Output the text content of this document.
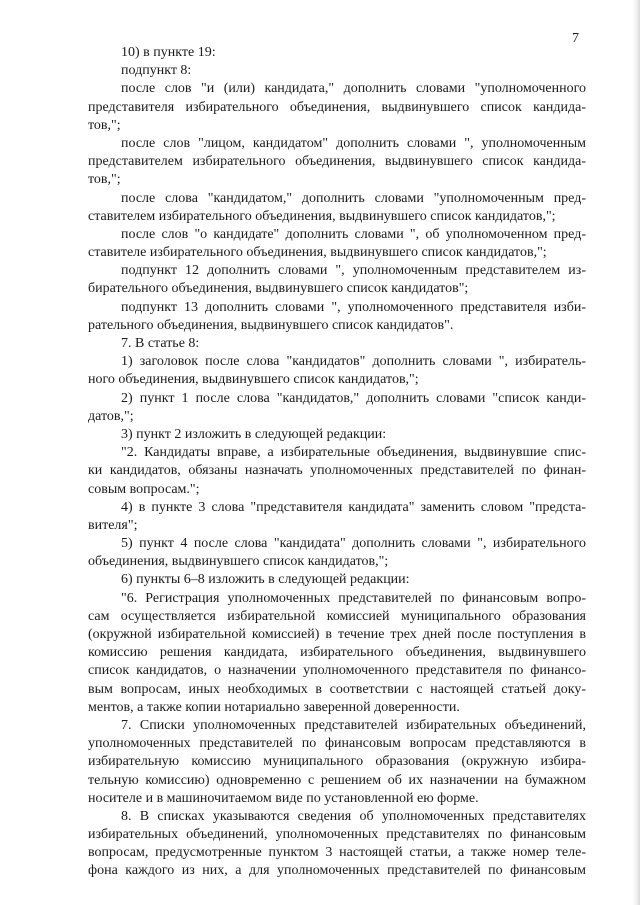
7
10) в пункте 19:
подпункт 8:
после слов "и (или) кандидата," дополнить словами "уполномоченного
представителя избирательного объединения, выдвинувшего список кандида-
тов,";
после слов "лицом, кандидатом" дополнить словами ", уполномоченным
представителем избирательного объединения, выдвинувшего список кандида-
тов,";
после слова "кандидатом," дополнить словами "уполномоченным пред-
ставителем избирательного объединения, выдвинувшего список кандидатов,";
после слов "о кандидате" дополнить словами ", об уполномоченном пред-
ставителе избирательного объединения, выдвинувшего список кандидатов,";
подпункт 12 дополнить словами ", уполномоченным представителем из-
бирательного объединения, выдвинувшего список кандидатов";
подпункт 13 дополнить словами ", уполномоченного представителя изби-
рательного объединения, выдвинувшего список кандидатов".
7. В статье 8:
1) заголовок после слова "кандидатов" дополнить словами ", избиратель-
ного объединения, выдвинувшего список кандидатов,";
2) пункт 1 после слова "кандидатов," дополнить словами "список канди-
датов,";
3) пункт 2 изложить в следующей редакции:
"2. Кандидаты вправе, а избирательные объединения, выдвинувшие спис-
ки кандидатов, обязаны назначать уполномоченных представителей по финан-
совым вопросам.";
4) в пункте 3 слова "представителя кандидата" заменить словом "предста-
вителя";
5) пункт 4 после слова "кандидата" дополнить словами ", избирательного
объединения, выдвинувшего список кандидатов,";
6) пункты 6–8 изложить в следующей редакции:
"6. Регистрация уполномоченных представителей по финансовым вопро-
сам осуществляется избирательной комиссией муниципального образования
(окружной избирательной комиссией) в течение трех дней после поступления в
комиссию решения кандидата, избирательного объединения, выдвинувшего
список кандидатов, о назначении уполномоченного представителя по финансо-
вым вопросам, иных необходимых в соответствии с настоящей статьей доку-
ментов, а также копии нотариально заверенной доверенности.
7. Списки уполномоченных представителей избирательных объединений,
уполномоченных представителей по финансовым вопросам представляются в
избирательную комиссию муниципального образования (окружную избира-
тельную комиссию) одновременно с решением об их назначении на бумажном
носителе и в машиночитаемом виде по установленной ею форме.
8. В списках указываются сведения об уполномоченных представителях
избирательных объединений, уполномоченных представителях по финансовым
вопросам, предусмотренные пунктом 3 настоящей статьи, а также номер теле-
фона каждого из них, а для уполномоченных представителей по финансовым
